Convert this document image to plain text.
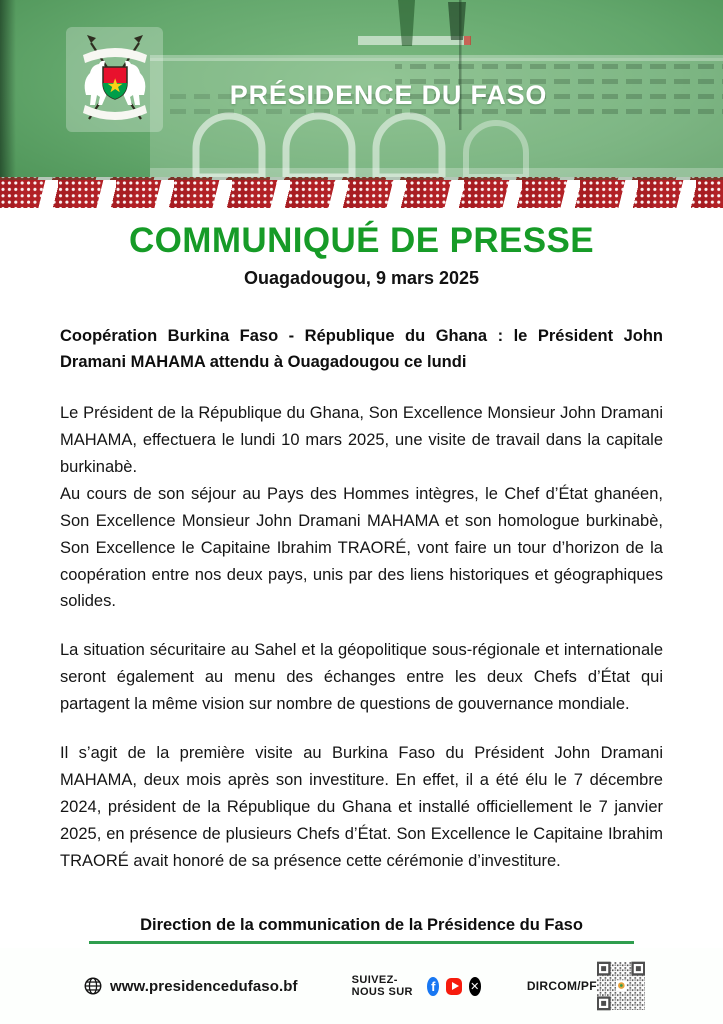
PRÉSIDENCE DU FASO
COMMUNIQUÉ DE PRESSE
Ouagadougou, 9 mars 2025
Coopération Burkina Faso - République du Ghana : le Président John Dramani MAHAMA attendu à Ouagadougou ce lundi

Le Président de la République du Ghana, Son Excellence Monsieur John Dramani MAHAMA, effectuera le lundi 10 mars 2025, une visite de travail dans la capitale burkinabè.

Au cours de son séjour au Pays des Hommes intègres, le Chef d’État ghanéen, Son Excellence Monsieur John Dramani MAHAMA et son homologue burkinabè, Son Excellence le Capitaine Ibrahim TRAORÉ, vont faire un tour d’horizon de la coopération entre nos deux pays, unis par des liens historiques et géographiques solides.

La situation sécuritaire au Sahel et la géopolitique sous-régionale et internationale seront également au menu des échanges entre les deux Chefs d’État qui partagent la même vision sur nombre de questions de gouvernance mondiale.

Il s’agit de la première visite au Burkina Faso du Président John Dramani MAHAMA, deux mois après son investiture. En effet, il a été élu le 7 décembre 2024, président de la République du Ghana et installé officiellement le 7 janvier 2025, en présence de plusieurs Chefs d’État. Son Excellence le Capitaine Ibrahim TRAORÉ avait honoré de sa présence cette cérémonie d’investiture.

Direction de la communication de la Présidence du Faso
www.presidencedufaso.bf	SUIVEZ-NOUS SUR	f	✕	DIRCOM/PF
